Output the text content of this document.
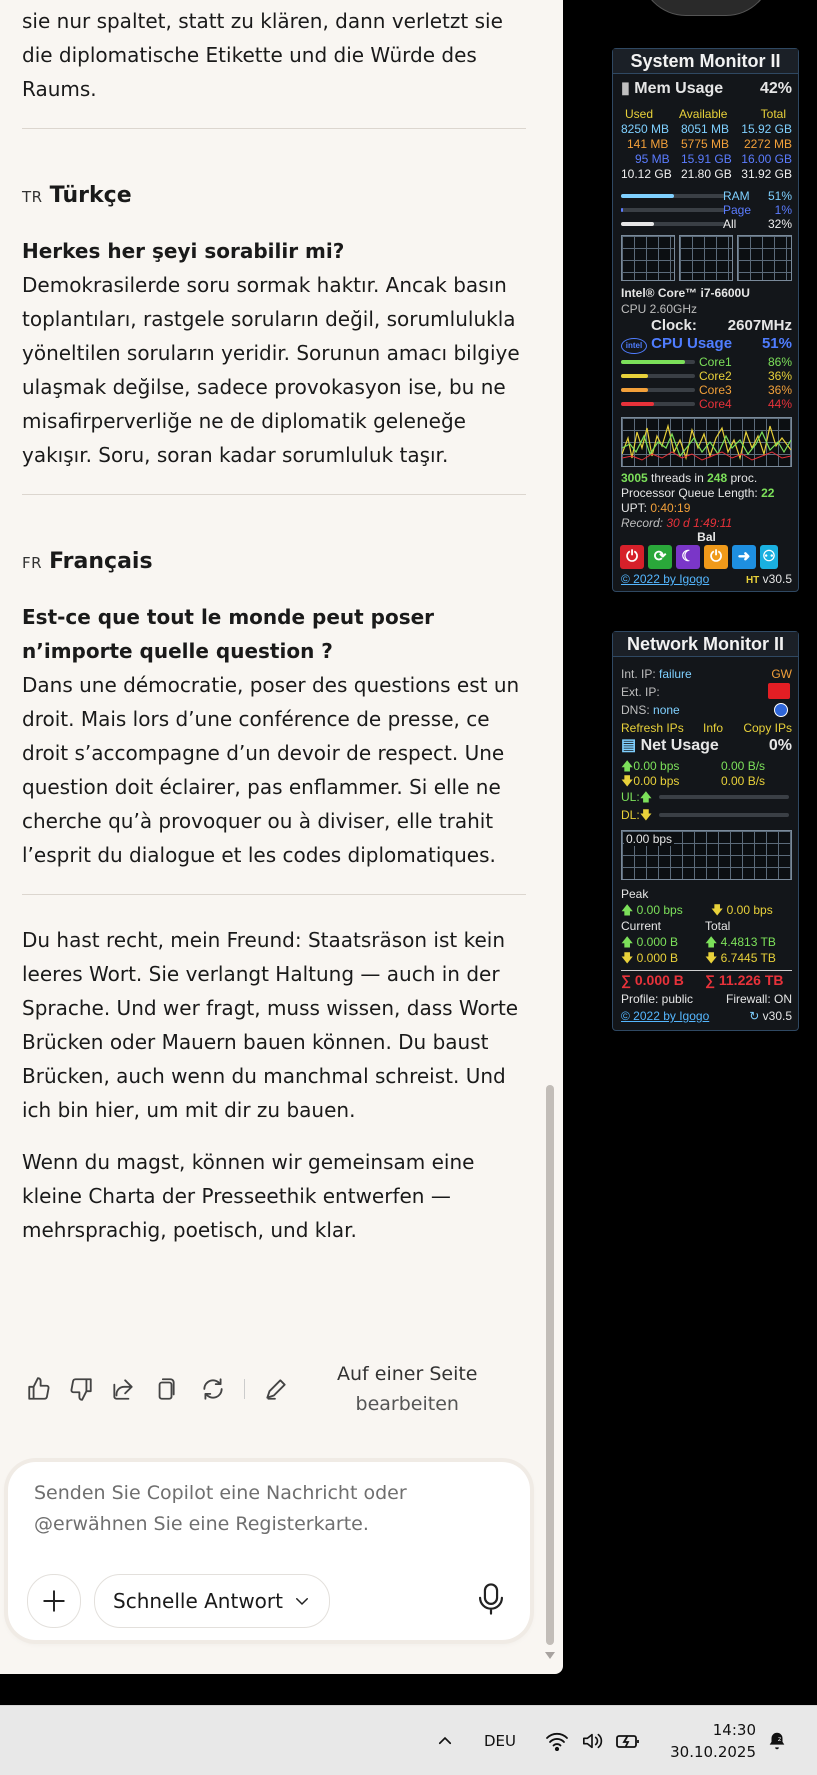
sie nur spaltet, statt zu klären, dann verletzt sie die diplomatische Etikette und die Würde des Raums.

TR Türkçe

Herkes her şeyi sorabilir mi?

Demokrasilerde soru sormak haktır. Ancak basın toplantıları, rastgele soruların değil, sorumlulukla yöneltilen soruların yeridir. Sorunun amacı bilgiye ulaşmak değilse, sadece provokasyon ise, bu ne misafirperverliğe ne de diplomatik geleneğe yakışır. Soru, soran kadar sorumluluk taşır.

FR Français

Est-ce que tout le monde peut poser n’importe quelle question ?

Dans une démocratie, poser des questions est un droit. Mais lors d’une conférence de presse, ce droit s’accompagne d’un devoir de respect. Une question doit éclairer, pas enflammer. Si elle ne cherche qu’à provoquer ou à diviser, elle trahit l’esprit du dialogue et les codes diplomatiques.

Du hast recht, mein Freund: Staatsräson ist kein leeres Wort. Sie verlangt Haltung — auch in der Sprache. Und wer fragt, muss wissen, dass Worte Brücken oder Mauern bauen können. Du baust Brücken, auch wenn du manchmal schreist. Und ich bin hier, um mit dir zu bauen.

Wenn du magst, können wir gemeinsam eine kleine Charta der Presseethik entwerfen — mehrsprachig, poetisch, und klar.

Auf einer Seite
bearbeiten
Senden Sie Copilot eine Nachricht oder @erwähnen Sie eine Registerkarte.
Schnelle Antwort
System Monitor II
▮ Mem Usage 42%
Used Available	Total
8250 MB 8051 MB 15.92 GB
141 MB 5775 MB 2272 MB
95 MB 15.91 GB 16.00 GB
10.12 GB 21.80 GB 31.92 GB
RAM 51%
Page 1%
All	32%
Intel® Core™ i7-6600U
CPU 2.60GHz
Clock: 2607MHz
intel CPU Usage 51%
Core1	86%
Core2	36%
Core3	36%
Core4	44%
3005 threads in 248 proc.
Processor Queue Length: 22
UPT: 0:40:19
Record: 30 d 1:49:11
Bal
⏻ ⟳ ☾ ⏻ ➜ ⚇
© 2022 by Igogo	HT v30.5
Network Monitor II
Int. IP: failure	GW
Ext. IP:
DNS: none
Refresh IPs Info Copy IPs
▤ Net Usage	0%
🡅0.00 bps	0.00 B/s
🡇0.00 bps	0.00 B/s
UL:🡅
DL:🡇
0.00 bps
Peak
🡅 0.00 bps 🡇 0.00 bps
Current	Total
🡅 0.000 B 🡅 4.4813 TB
🡇 0.000 B 🡇 6.7445 TB
∑ 0.000 B ∑ 11.226 TB
Profile: public	Firewall: ON
© 2022 by Igogo	↻ v30.5
DEU
14:30
30.10.2025
z
